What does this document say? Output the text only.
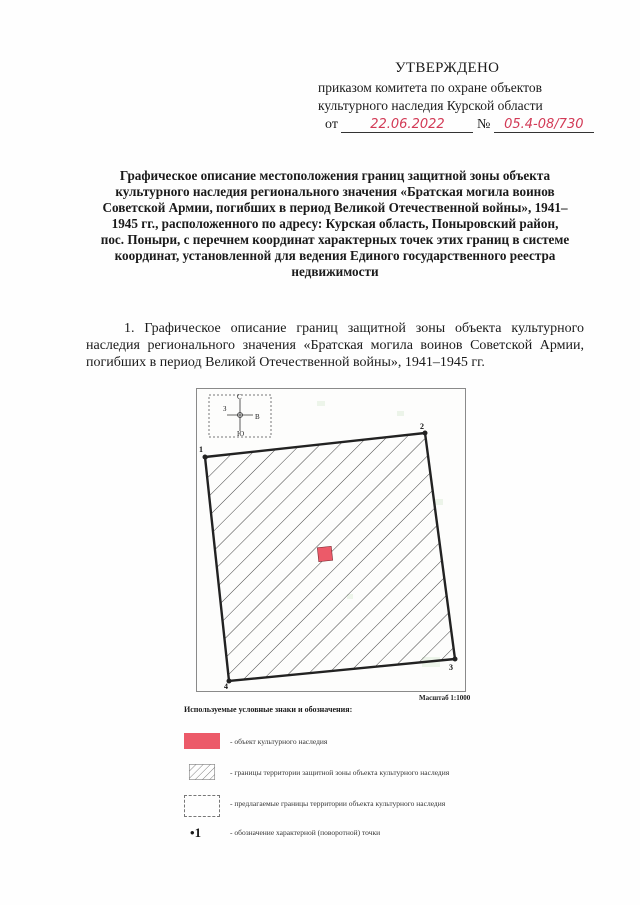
УТВЕРЖДЕНО
приказом комитета по охране объектов
культурного наследия Курской области
от 22.06.2022 № 05.4-08/730
Графическое описание местоположения границ защитной зоны объекта культурного наследия регионального значения «Братская могила воинов Советской Армии, погибших в период Великой Отечественной войны», 1941–1945 гг., расположенного по адресу: Курская область, Поныровский район, пос. Поныри, с перечнем координат характерных точек этих границ в системе координат, установленной для ведения Единого государственного реестра недвижимости
1. Графическое описание границ защитной зоны объекта культурного наследия регионального значения «Братская могила воинов Советской Армии, погибших в период Великой Отечественной войны», 1941–1945 гг.
С
Ю
З
В
1
2
3
4
Масштаб 1:1000
Используемые условные знаки и обозначения:
- объект культурного наследия
- границы территории защитной зоны объекта культурного наследия
- предлагаемые границы территории объекта культурного наследия
•1	- обозначение характерной (поворотной) точки
